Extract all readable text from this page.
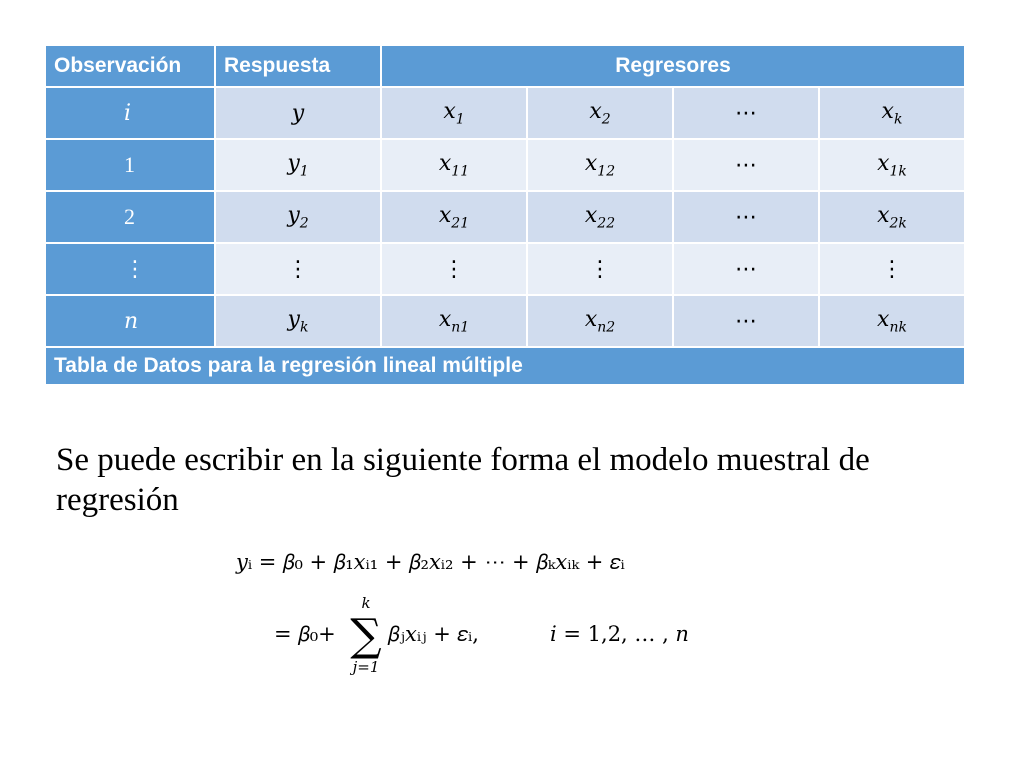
Observación	Respuesta	Regresores			
i	y	$x_1$	$x_2$	⋯	$x_k$
1	$y_1$	$x_{11}$	$x_{12}$	⋯	$x_{1k}$
2	$y_2$	$x_{21}$	$x_{22}$	⋯	$x_{2k}$
⋮	⋮	⋮	⋮	⋯	⋮
n	$y_k$	$x_{n1}$	$x_{n2}$	⋯	$x_{nk}$
Tabla de Datos para la regresión lineal múltiple					
Se puede escribir en la siguiente forma el modelo muestral de regresión
𝑦ᵢ = 𝛽₀ + 𝛽₁𝑥ᵢ₁ + 𝛽₂𝑥ᵢ₂ + ⋯ + 𝛽ₖ𝑥ᵢₖ + 𝜀ᵢ
= 𝛽₀+
k
∑
j=1
𝛽ⱼ𝑥ᵢⱼ + 𝜀ᵢ,	𝑖 = 1,2, … , 𝑛
